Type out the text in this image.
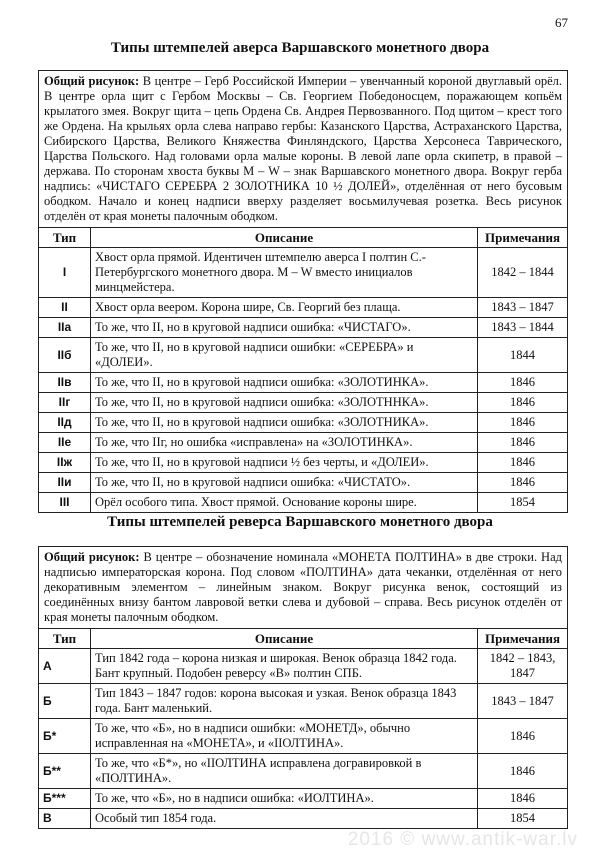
67
Типы штемпелей аверса Варшавского монетного двора
Общий рисунок: В центре – Герб Российской Империи – увенчанный короной двуглавый орёл. В центре орла щит с Гербом Москвы – Св. Георгием Победоносцем, поражающем копьём крылатого змея. Вокруг щита – цепь Ордена Св. Андрея Первозванного. Под щитом – крест того же Ордена. На крыльях орла слева направо гербы: Казанского Царства, Астраханского Царства, Сибирского Царства, Великого Княжества Финляндского, Царства Херсонеса Таврического, Царства Польского. Над головами орла малые короны. В левой лапе орла скипетр, в правой – держава. По сторонам хвоста буквы M – W – знак Варшавского монетного двора. Вокруг герба надпись: «ЧИСТАГО СЕРЕБРА 2 ЗОЛОТНИКА 10 ½ ДОЛЕЙ», отделённая от него бусовым ободком. Начало и конец надписи вверху разделяет восьмилучевая розетка. Весь рисунок отделён от края монеты палочным ободком.
Тип	Описание	Примечания
I	Хвост орла прямой. Идентичен штемпелю аверса I полтин С.-Петербургского монетного двора. M – W вместо инициалов минцмейстера.	1842 – 1844
II	Хвост орла веером. Корона шире, Св. Георгий без плаща.	1843 – 1847
IIа	То же, что II, но в круговой надписи ошибка: «ЧИСТАГО».	1843 – 1844
IIб	То же, что II, но в круговой надписи ошибки: «СЕРЕБРА» и «ДОЛЕИ».	1844
IIв	То же, что II, но в круговой надписи ошибка: «ЗОЛОТИНКА».	1846
IIг	То же, что II, но в круговой надписи ошибка: «ЗОЛОТННКА».	1846
IIд	То же, что II, но в круговой надписи ошибка: «ЗОЛОТНИКА».	1846
IIе	То же, что IIг, но ошибка «исправлена» на «ЗОЛОТИНКА».	1846
IIж	То же, что II, но в круговой надписи ½ без черты, и «ДОЛЕИ».	1846
IIи	То же, что II, но в круговой надписи ошибка: «ЧИСТАТО».	1846
III	Орёл особого типа. Хвост прямой. Основание короны шире.	1854
Типы штемпелей реверса Варшавского монетного двора
Общий рисунок: В центре – обозначение номинала «МОНЕТА ПОЛТИНА» в две строки. Над надписью императорская корона. Под словом «ПОЛТИНА» дата чеканки, отделённая от него декоративным элементом – линейным знаком. Вокруг рисунка венок, состоящий из соединённых внизу бантом лавровой ветки слева и дубовой – справа. Весь рисунок отделён от края монеты палочным ободком.
Тип	Описание	Примечания
А	Тип 1842 года – корона низкая и широкая. Венок образца 1842 года. Бант крупный. Подобен реверсу «В» полтин СПБ.	1842 – 1843, 1847
Б	Тип 1843 – 1847 годов: корона высокая и узкая. Венок образца 1843 года. Бант маленький.	1843 – 1847
Б*	То же, что «Б», но в надписи ошибки: «МОНЕТД», обычно исправленная на «МОНЕТА», и «IIОЛТИНА».	1846
Б**	То же, что «Б*», но «IIОЛТИНА исправлена догравировкой в «ПОЛТИНА».	1846
Б***	То же, что «Б», но в надписи ошибка: «ИОЛТИНА».	1846
В	Особый тип 1854 года.	1854
2016 © www.antik-war.lv
